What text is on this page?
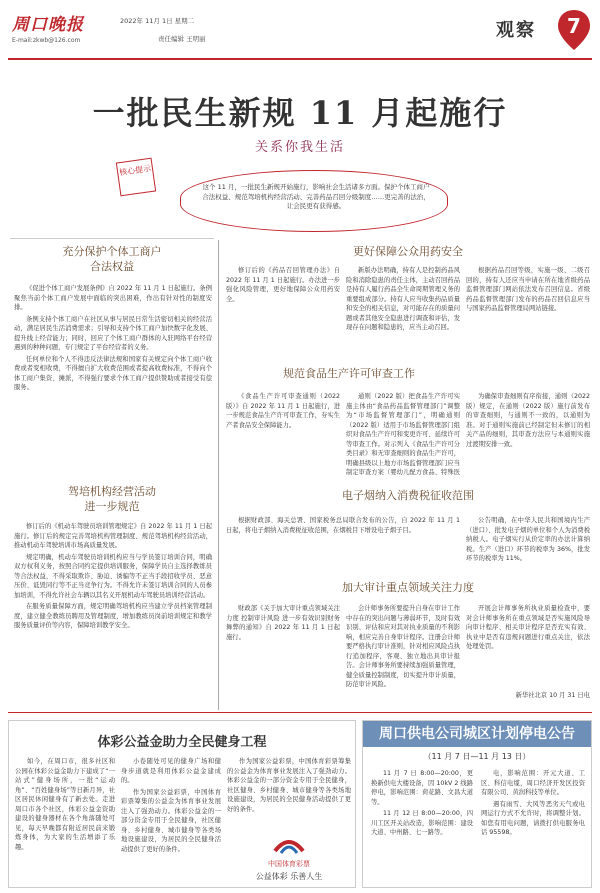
周口晚报
E-mail:zkwb@126.com
2022年 11月 1日 星期二
责任编辑 王明丽	观察	7
一批民生新规 11 月起施行
关系你我生活
核心提示
这个 11 月，一批民生新规开始施行，影响社会生活诸多方面。保护个体工商户合法权益、规范驾培机构经营活动、完善药品召回分级制度……更完善的法治，让会民更有获得感。
充分保护个体工商户
合法权益

《促进个体工商户发展条例》自 2022 年 11 月 1 日起施行。条例聚焦当前个体工商户发展中面临的突出困难，作出有针对性的制度安排。

条例支持个体工商户在社区从事与居民日常生活密切相关的经营活动，满足居民生活消费需求；引导和支持个体工商户加快数字化发展、提升线上经营能力；同时，回应了个体工商户群体的入驻网络平台经营遇到的种种问题，专门规定了平台经营者的义务。

任何单位和个人不得违反法律法规和国家有关规定向个体工商户收费或者变相收费，不得擅自扩大收费范围或者提高收费标准，不得向个体工商户集资、摊派，不得强行要求个体工商户提供赞助或者接受有偿服务。

驾培机构经营活动
进一步规范

修订后的《机动车驾驶员培训管理规定》自 2022 年 11 月 1 日起施行。修订后的规定完善驾培机构管理制度、规范驾培机构经营活动，推动机动车驾驶培训市场高质量发展。

规定明确，机动车驾驶员培训机构应当与学员签订培训合同，明确双方权利义务，按照合同约定提供培训服务，保障学员自主选择教练员等合法权益，不得采取欺诈、胁迫、诱骗等不正当手段招收学员、恶意压价、诋毁同行等不正当竞争行为。不得允许未签订培训合同的人员参加培训，不得允许社会车辆以其名义开展机动车驾驶员培训经营活动。

在服务质量保障方面，规定明确驾培机构应当建立学员档案管理制度，建立健全教练员聘用及管理制度，增加教练员岗前培训规定和教学服务质量评价等内容，保障培训教学安全。

更好保障公众用药安全

修订后的《药品召回管理办法》自 2022 年 11 月 1 日起施行。办法进一步强化风险管理，更好地保障公众用药安全。

新版办法明确，持有人是控制药品风险和消除隐患的责任主体，主动召回药品是持有人履行药品全生命周期管理义务的重要组成部分。持有人应当收集药品质量和安全的相关信息，对可能存在的质量问题或者其他安全隐患进行调查和评估，发现存在问题和隐患的，应当主动召回。

根据药品召回等级，实施一级、二级召回的，持有人还应当申请在所在地省级药品监督管理部门网站依法发布召回信息。省级药品监督管理部门发布的药品召回信息应当与国家药品监督管理局网站链接。

规范食品生产许可审查工作

《食品生产许可审查通则（2022版）》自 2022 年 11 月 1 日起施行，进一步规范食品生产许可审查工作，夯实生产者食品安全保障能力。

通则（2022 版）把食品生产许可实施主体由“食品药品监督管理部门”调整为“市场监督管理部门”，明确通则（2022 版）适用于市场监督管理部门组织对食品生产许可和变更许可、延续许可等审查工作。对示列入《食品生产许可分类目录》和无审查细则的食品生产许可，明确县级以上地方市场监督管理部门应当制定审查方案（婴幼儿配方食品、特殊医

为确保审查细则有序衔接，通则（2022 版）规定，在通则（2022 版）施行前发布的审查细则，与通则不一致的，以通则为准。对于通则实施前已经制定但未修订的相关产品的细则，其审查方法应与本通则实施过渡期安排一致。

电子烟纳入消费税征收范围

根据财政部、海关总署、国家税务总局联合发布的公告，自 2022 年 11 月 1 日起，将电子烟纳入消费税征收范围，在烟税目下增设电子烟子目。

公告明确，在中华人民共和国境内生产（进口）、批发电子烟的单位和个人为消费税纳税人。电子烟实行从价定率的办法计算纳税。生产（进口）环节的税率为 36%，批发环节的税率为 11%。

加大审计重点领域关注力度

财政部《关于加大审计重点领域关注力度 控制审计风险 进一步有效识别财务舞弊的通知》自 2022 年 11 月 1 日起施行。

会计师事务所要提升自身在审计工作中存在的突出问题与薄弱环节，及时有效识别、评估和应对其对执业质量的不利影响，相应完善自身审计程序。注册会计师要严格执行审计准则，针对相应风险点执行追加程序，客观、独立地出具审计报告。会计师事务所要持续加强质量管理，健全质量控制制度，切实提升审计质量，防范审计风险。

开展会计师事务所执业质量检查中，要对会计师事务所在重点领域是否实施风险导向审计程序、相关审计程序是否充实有效、执业中是否有违规问题进行重点关注，依法处理处罚。

新华社北京 10 月 31 日电
体彩公益金助力全民健身工程

如今，在周口市，很多社区和公园在体彩公益金助力下建成了“一站式”健身场所，一批“运动角”、“百姓健身场”等日新月异，社区居民休闲健身有了新去处。走进周口市各个社区，体彩公益金资助建设的健身器材在各个角落随处可见，每天早晚都有附近居民前来锻炼身体，为大家的生活增添了乐趣。

小卷随处可见的健身广场和健身步道就是利用体彩公益金建成的。

作为国家公益彩票，中国体育彩票筹集的公益金为体育事业发展注入了强劲动力。体彩公益金的一部分资金专用于全民健身，社区健身、乡村健身、城市健身等各类场地设施建设，为居民的全民健身活动提供了更好的条件。

作为国家公益彩票，中国体育彩票筹集的公益金为体育事业发展注入了强劲动力。体彩公益金的一部分资金专用于全民健身，社区健身、乡村健身、城市健身等各类场地设施建设，为居民的全民健身活动提供了更好的条件。

中国体育彩票
公益体彩 乐善人生
周口供电公司城区计划停电公告
（11 月 7 日—11 月 13 日）

11 月 7 日 8:00—20:00，更换新供电大楼设备，因 10kV 2 线路停电，影响范围：荷花路、文昌大道等。

11 月 12 日 8:00—20:00，四川工区开关站改造，影响范围：建设大道、中州路、七一路等。

电，影响范围：开元大道、工区、科信电缆，周口经济开发区投资有限公司、黄润科技等单位。

遇有雨雪、大风等恶劣天气或电网运行方式不允许时，将调整计划。如您有用电问题，请拨打供电服务电话 95598。
